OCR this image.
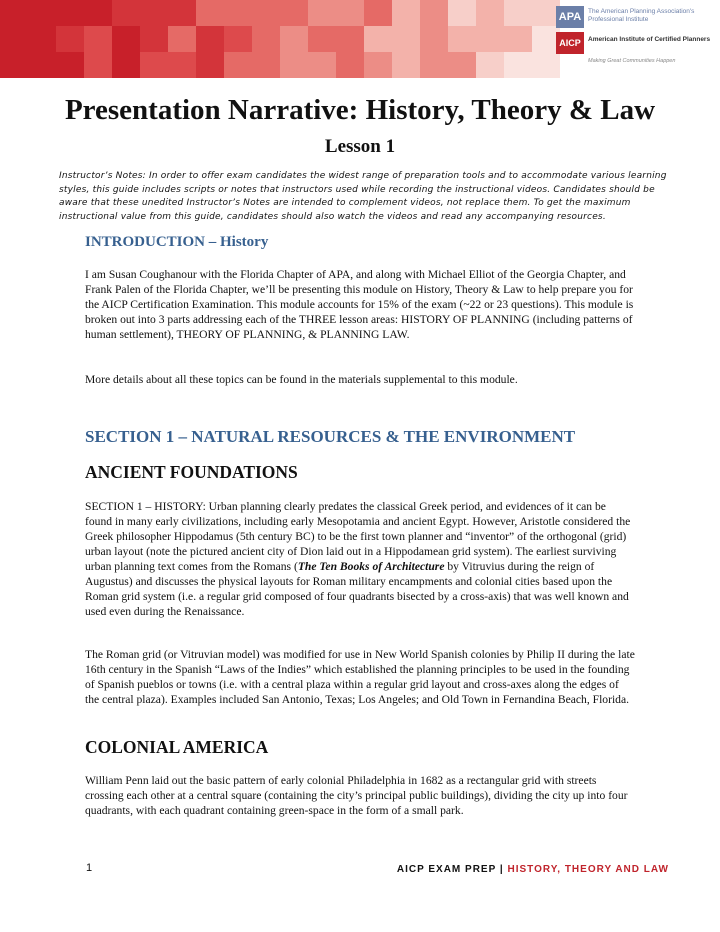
APA	The American Planning Association's Professional Institute
AICP	American Institute of Certified Planners
Making Great Communities Happen
Presentation Narrative: History, Theory & Law
Lesson 1

Instructor’s Notes: In order to offer exam candidates the widest range of preparation tools and to accommodate various learning styles, this guide includes scripts or notes that instructors used while recording the instructional videos. Candidates should be aware that these unedited Instructor’s Notes are intended to complement videos, not replace them. To get the maximum instructional value from this guide, candidates should also watch the videos and read any accompanying resources.

INTRODUCTION – History

I am Susan Coughanour with the Florida Chapter of APA, and along with Michael Elliot of the Georgia Chapter, and Frank Palen of the Florida Chapter, we’ll be presenting this module on History, Theory & Law to help prepare you for the AICP Certification Examination. This module accounts for 15% of the exam (~22 or 23 questions). This module is broken out into 3 parts addressing each of the THREE lesson areas: HISTORY OF PLANNING (including patterns of human settlement), THEORY OF PLANNING, & PLANNING LAW.

More details about all these topics can be found in the materials supplemental to this module.

SECTION 1 – NATURAL RESOURCES & THE ENVIRONMENT
ANCIENT FOUNDATIONS

SECTION 1 – HISTORY: Urban planning clearly predates the classical Greek period, and evidences of it can be found in many early civilizations, including early Mesopotamia and ancient Egypt. However, Aristotle considered the Greek philosopher Hippodamus (5th century BC) to be the first town planner and “inventor” of the orthogonal (grid) urban layout (note the pictured ancient city of Dion laid out in a Hippodamean grid system). The earliest surviving urban planning text comes from the Romans (The Ten Books of Architecture by Vitruvius during the reign of Augustus) and discusses the physical layouts for Roman military encampments and colonial cities based upon the Roman grid system (i.e. a regular grid composed of four quadrants bisected by a cross-axis) that was well known and used even during the Renaissance.

The Roman grid (or Vitruvian model) was modified for use in New World Spanish colonies by Philip II during the late 16th century in the Spanish “Laws of the Indies” which established the planning principles to be used in the founding of Spanish pueblos or towns (i.e. with a central plaza within a regular grid layout and cross-axes along the edges of the central plaza). Examples included San Antonio, Texas; Los Angeles; and Old Town in Fernandina Beach, Florida.

COLONIAL AMERICA

William Penn laid out the basic pattern of early colonial Philadelphia in 1682 as a rectangular grid with streets crossing each other at a central square (containing the city’s principal public buildings), dividing the city up into four quadrants, with each quadrant containing green-space in the form of a small park.

1	AICP EXAM PREP | HISTORY, THEORY AND LAW
